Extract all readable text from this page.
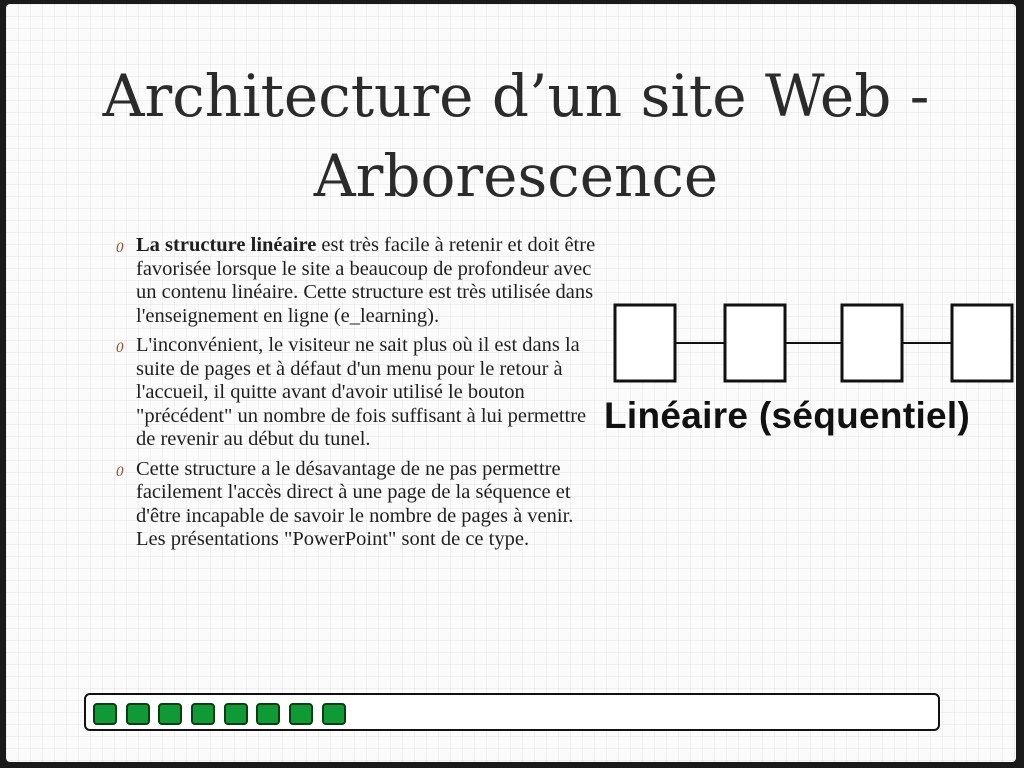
Architecture d’un site Web - Arborescence
0 La structure linéaire est très facile à retenir et doit être favorisée lorsque le site a beaucoup de profondeur avec un contenu linéaire. Cette structure est très utilisée dans l'enseignement en ligne (e_learning).
0 L'inconvénient, le visiteur ne sait plus où il est dans la suite de pages et à défaut d'un menu pour le retour à l'accueil, il quitte avant d'avoir utilisé le bouton "précédent" un nombre de fois suffisant à lui permettre de revenir au début du tunel.
0 Cette structure a le désavantage de ne pas permettre facilement l'accès direct à une page de la séquence et d'être incapable de savoir le nombre de pages à venir. Les présentations "PowerPoint" sont de ce type.
Linéaire (séquentiel)
